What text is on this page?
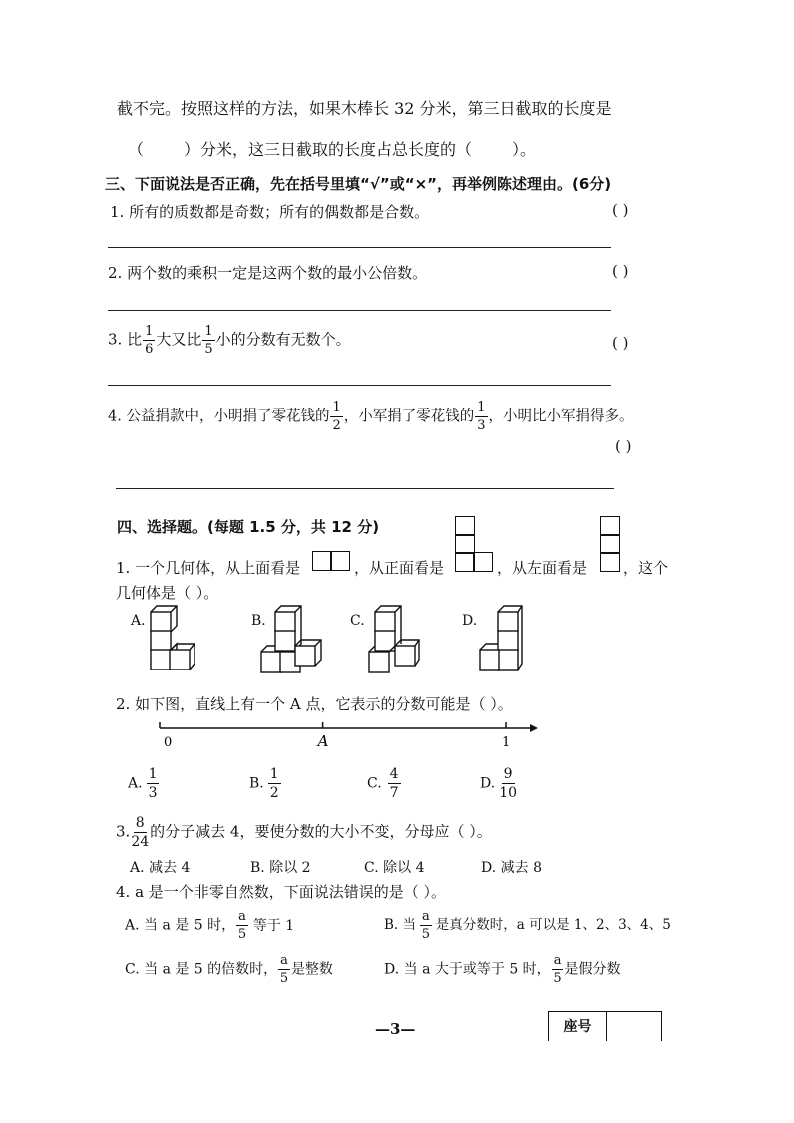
截不完。按照这样的方法，如果木棒长 32 分米，第三日截取的长度是
（	）分米，这三日截取的长度占总长度的（	）。
三、下面说法是否正确，先在括号里填“√”或“×”，再举例陈述理由。(6分)
1. 所有的质数都是奇数；所有的偶数都是合数。	( )
2. 两个数的乘积一定是这两个数的最小公倍数。	( )
3. 比 $\frac{1}{6}$ 大又比 $\frac{1}{5}$ 小的分数有无数个。	( )
4. 公益捐款中，小明捐了零花钱的 $\frac{1}{2}$ ，小军捐了零花钱的 $\frac{1}{3}$ ，小明比小军捐得多。
( )
四、选择题。(每题 1.5 分，共 12 分)
1. 一个几何体，从上面看是	，从正面看是	，从左面看是 ，这个
几何体是（ ）。
A.	B.	C.	D.
2. 如下图，直线上有一个 A 点，它表示的分数可能是（ ）。
0	A	1
A. $\frac{1}{3}$	B. $\frac{1}{2}$	C. $\frac{4}{7}$	D. $\frac{9}{10}$
3. $\frac{8}{24}$ 的分子减去 4，要使分数的大小不变，分母应（ ）。
A. 减去 4	B. 除以 2	C. 除以 4	D. 减去 8
4. a 是一个非零自然数，下面说法错误的是（ ）。
A. 当 a 是 5 时， $\frac{a}{5}$ 等于 1	B. 当 $\frac{a}{5}$ 是真分数时，a 可以是 1、2、3、4、5
C. 当 a 是 5 的倍数时， $\frac{a}{5}$ 是整数	D. 当 a 大于或等于 5 时， $\frac{a}{5}$ 是假分数
—3—	座号
